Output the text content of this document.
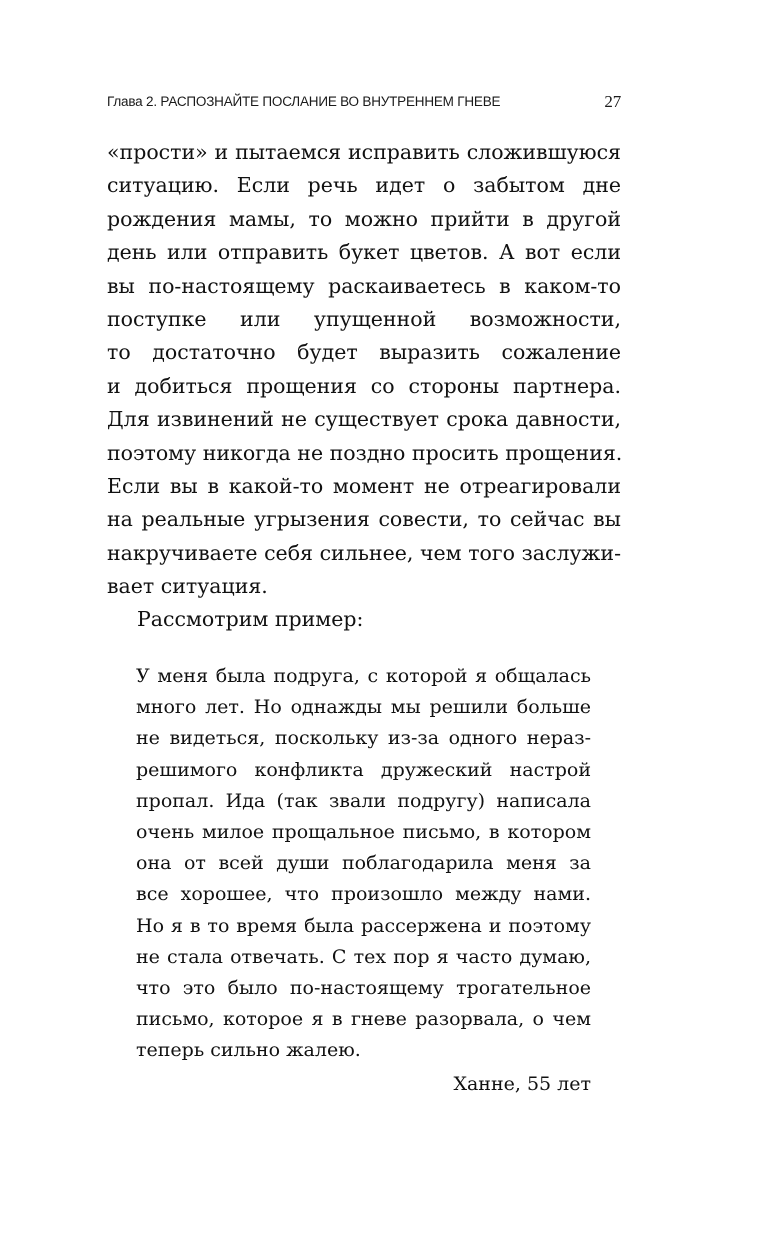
Глава 2. РАСПОЗНАЙТЕ ПОСЛАНИЕ ВО ВНУТРЕННЕМ ГНЕВЕ	27
«прости» и пытаемся исправить сложившуюся
ситуацию. Если речь идет о забытом дне
рождения мамы, то можно прийти в другой
день или отправить букет цветов. А вот если
вы по-настоящему раскаиваетесь в каком-то
поступке или упущенной возможности,
то достаточно будет выразить сожаление
и добиться прощения со стороны партнера.
Для извинений не существует срока давности,
поэтому никогда не поздно просить прощения.
Если вы в какой-то момент не отреагировали
на реальные угрызения совести, то сейчас вы
накручиваете себя сильнее, чем того заслужи-
вает ситуация.
Рассмотрим пример:
У меня была подруга, с которой я общалась
много лет. Но однажды мы решили больше
не видеться, поскольку из-за одного нераз-
решимого конфликта дружеский настрой
пропал. Ида (так звали подругу) написала
очень милое прощальное письмо, в котором
она от всей души поблагодарила меня за
все хорошее, что произошло между нами.
Но я в то время была рассержена и поэтому
не стала отвечать. С тех пор я часто думаю,
что это было по-настоящему трогательное
письмо, которое я в гневе разорвала, о чем
теперь сильно жалею.
Ханне, 55 лет
